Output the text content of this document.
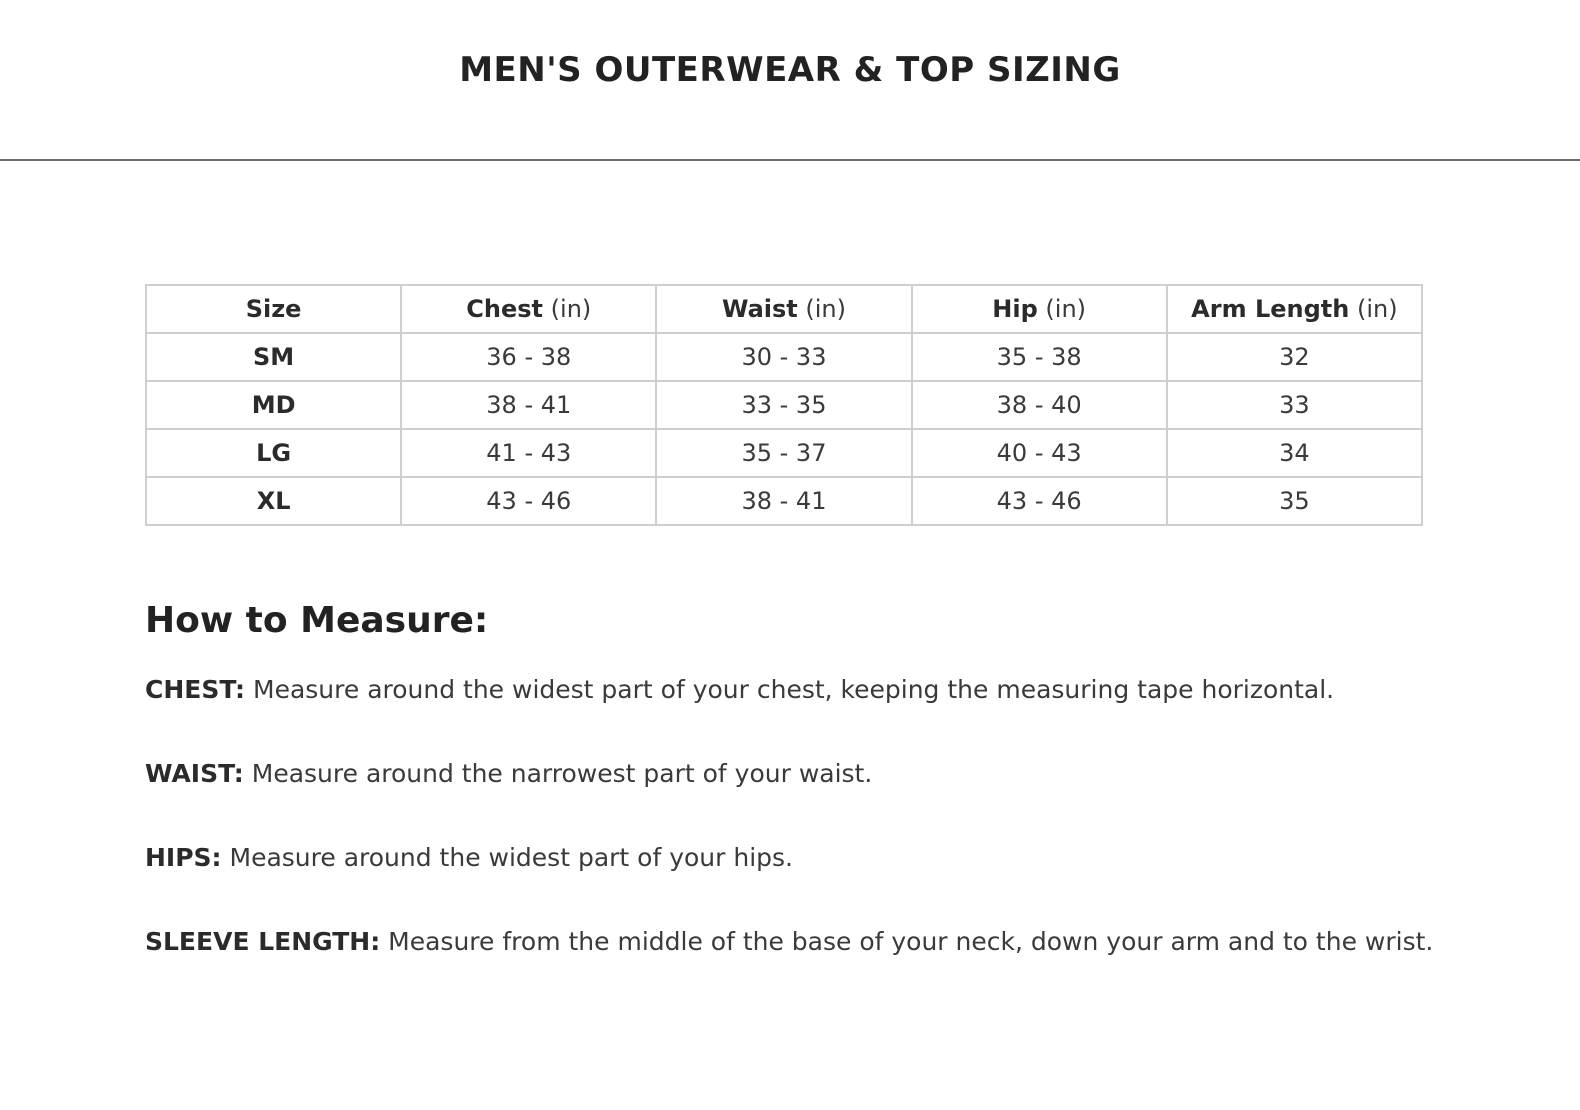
MEN'S OUTERWEAR & TOP SIZING
Size	Chest (in)	Waist (in)	Hip (in)	Arm Length (in)
SM	36 - 38	30 - 33	35 - 38	32
MD	38 - 41	33 - 35	38 - 40	33
LG	41 - 43	35 - 37	40 - 43	34
XL	43 - 46	38 - 41	43 - 46	35
How to Measure:

CHEST: Measure around the widest part of your chest, keeping the measuring tape horizontal.

WAIST: Measure around the narrowest part of your waist.

HIPS: Measure around the widest part of your hips.

SLEEVE LENGTH: Measure from the middle of the base of your neck, down your arm and to the wrist.
